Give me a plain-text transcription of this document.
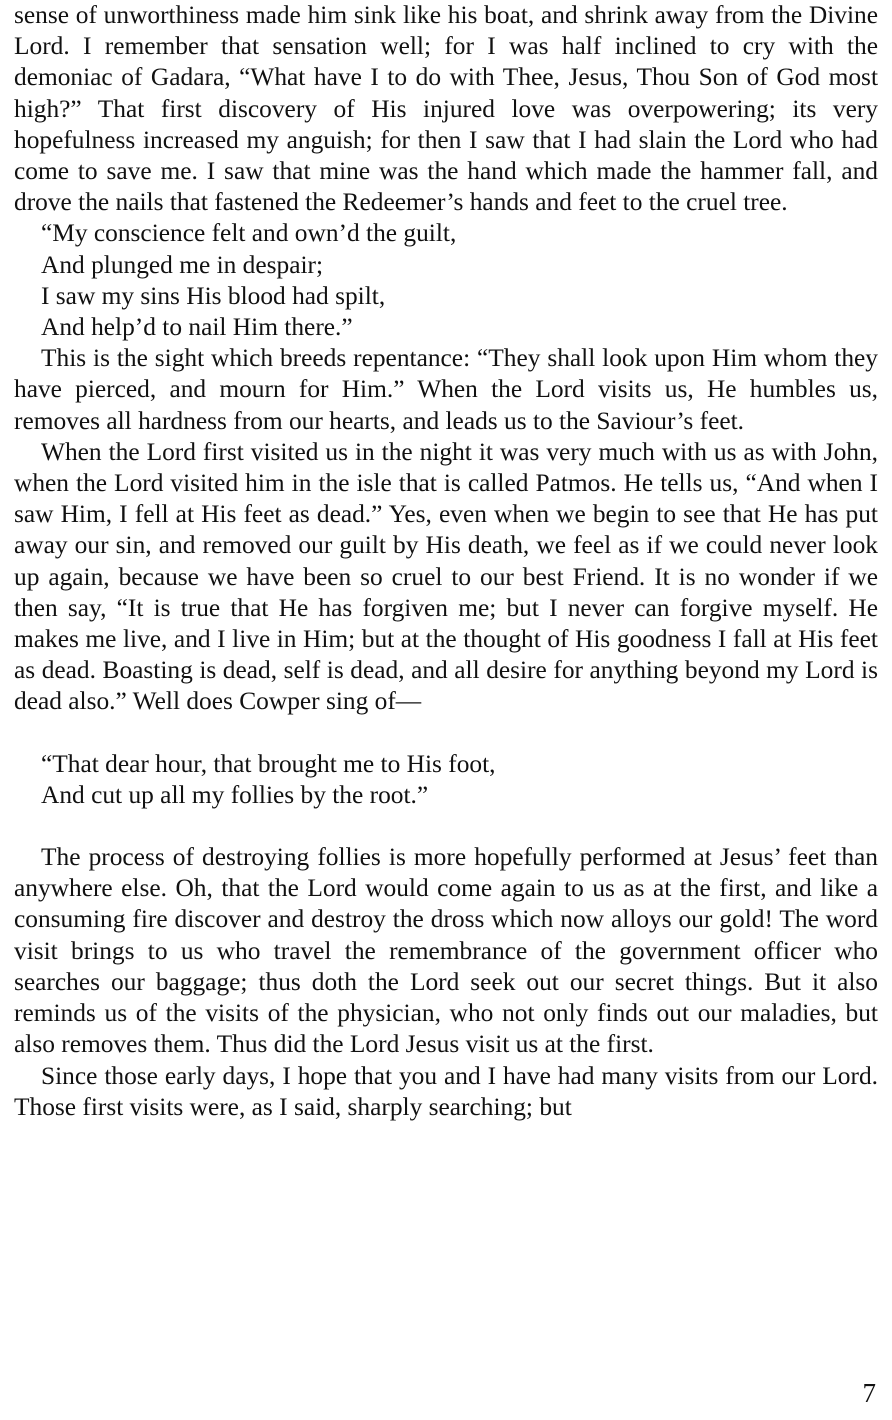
sense of unworthiness made him sink like his boat, and shrink away from the Divine Lord. I remember that sensation well; for I was half inclined to cry with the demoniac of Gadara, “What have I to do with Thee, Jesus, Thou Son of God most high?” That first discovery of His injured love was overpowering; its very hopefulness increased my anguish; for then I saw that I had slain the Lord who had come to save me. I saw that mine was the hand which made the hammer fall, and drove the nails that fastened the Redeemer’s hands and feet to the cruel tree.

“My conscience felt and own’d the guilt,
And plunged me in despair;
I saw my sins His blood had spilt,
And help’d to nail Him there.”

This is the sight which breeds repentance: “They shall look upon Him whom they have pierced, and mourn for Him.” When the Lord visits us, He humbles us, removes all hardness from our hearts, and leads us to the Saviour’s feet.

When the Lord first visited us in the night it was very much with us as with John, when the Lord visited him in the isle that is called Patmos. He tells us, “And when I saw Him, I fell at His feet as dead.” Yes, even when we begin to see that He has put away our sin, and removed our guilt by His death, we feel as if we could never look up again, because we have been so cruel to our best Friend. It is no wonder if we then say, “It is true that He has forgiven me; but I never can forgive myself. He makes me live, and I live in Him; but at the thought of His goodness I fall at His feet as dead. Boasting is dead, self is dead, and all desire for anything beyond my Lord is dead also.” Well does Cowper sing of—

“That dear hour, that brought me to His foot,
And cut up all my follies by the root.”

The process of destroying follies is more hopefully performed at Jesus’ feet than anywhere else. Oh, that the Lord would come again to us as at the first, and like a consuming fire discover and destroy the dross which now alloys our gold! The word visit brings to us who travel the remembrance of the government officer who searches our baggage; thus doth the Lord seek out our secret things. But it also reminds us of the visits of the physician, who not only finds out our maladies, but also removes them. Thus did the Lord Jesus visit us at the first.

Since those early days, I hope that you and I have had many visits from our Lord. Those first visits were, as I said, sharply searching; but

7
